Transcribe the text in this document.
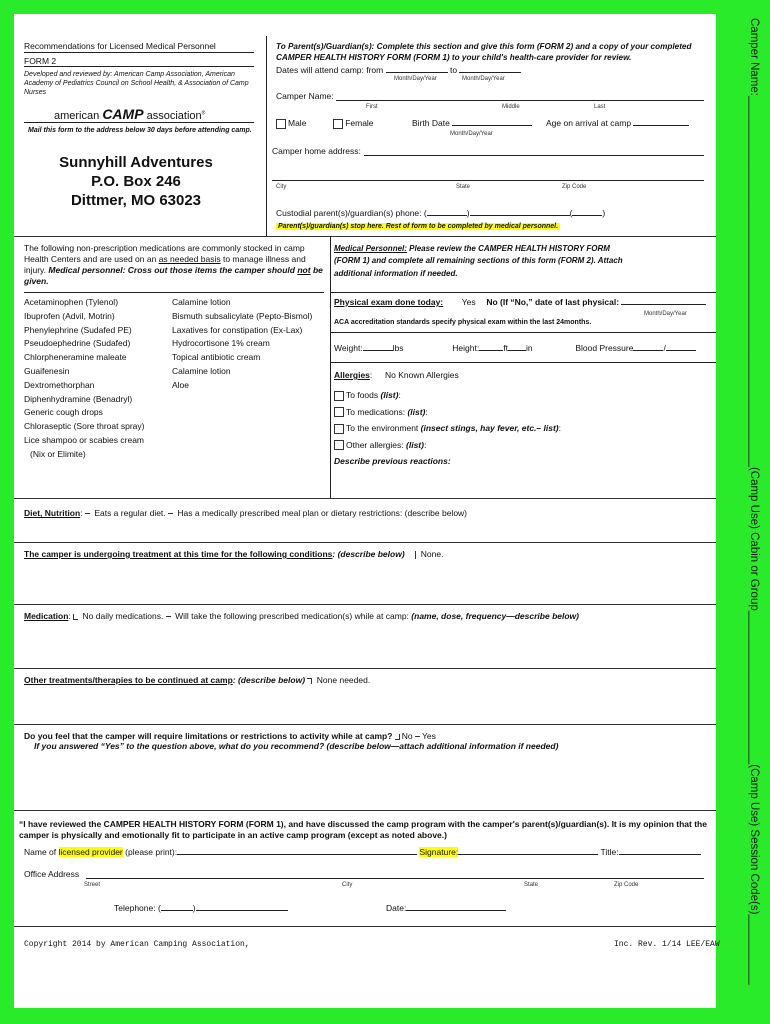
Recommendations for Licensed Medical Personnel
FORM 2
Developed and reviewed by: American Camp Association, American Academy of Pediatrics Council on School Health, & Association of Camp Nurses
american CAMP association®
Mail this form to the address below 30 days before attending camp.
Sunnyhill Adventures
P.O. Box 246
Dittmer, MO 63023
To Parent(s)/Guardian(s): Complete this section and give this form (FORM 2) and a copy of your completed CAMPER HEALTH HISTORY FORM (FORM 1) to your child's health-care provider for review.
Dates will attend camp: from	to
Month/Day/Year	Month/Day/Year
Camper Name:
First	Middle	Last
Male	Female	Birth Date
Month/Day/Year
Age on arrival at camp
Camper home address:
City	State	Zip Code
Custodial parent(s)/guardian(s) phone: (	)	(	)
Parent(s)/guardian(s) stop here. Rest of form to be completed by medical personnel.
The following non-prescription medications are commonly stocked in camp Health Centers and are used on an as needed basis to manage illness and injury. Medical personnel: Cross out those items the camper should not be given.
Acetaminophen (Tylenol)
Ibuprofen (Advil, Motrin)
Phenylephrine (Sudafed PE)
Pseudoephedrine (Sudafed)
Chlorpheneramine maleate
Guaifenesin
Dextromethorphan
Diphenhydramine (Benadryl)
Generic cough drops
Chloraseptic (Sore throat spray)
Lice shampoo or scabies cream
(Nix or Elimite)
Calamine lotion
Bismuth subsalicylate (Pepto-Bismol)
Laxatives for constipation (Ex-Lax)
Hydrocortisone 1% cream
Topical antibiotic cream
Calamine lotion
Aloe
Medical Personnel: Please review the CAMPER HEALTH HISTORY FORM (FORM 1) and complete all remaining sections of this form (FORM 2). Attach additional information if needed.
Physical exam done today: Yes No (If “No,” date of last physical:
Month/Day/Year
ACA accreditation standards specify physical exam within the last 24months.
Weight:	lbs	Height:	ft in	Blood Pressure	/
Allergies: No Known Allergies
To foods (list):
To medications: (list):
To the environment (insect stings, hay fever, etc.– list):
Other allergies: (list):
Describe previous reactions:
Diet, Nutrition:  Eats a regular diet. Has a medically prescribed meal plan or dietary restrictions: (describe below)
The camper is undergoing treatment at this time for the following conditions: (describe below) None.
Medication:  No daily medications. Will take the following prescribed medication(s) while at camp: (name, dose, frequency—describe below)
Other treatments/therapies to be continued at camp: (describe below) None needed.
Do you feel that the camper will require limitations or restrictions to activity while at camp? No Yes
If you answered “Yes” to the question above, what do you recommend? (describe below—attach additional information if needed)
“I have reviewed the CAMPER HEALTH HISTORY FORM (FORM 1), and have discussed the camp program with the camper's parent(s)/guardian(s). It is my opinion that the camper is physically and emotionally fit to participate in an active camp program (except as noted above.)
Name of licensed provider (please print):	Signature:	Title:
Office Address
Street	City	State	Zip Code
Telephone: (	)	Date:
Copyright 2014 by American Camping Association,	Inc. Rev. 1/14 LEE/EAW
Camper Name:__________________________________________________________(Camp Use) Cabin or Group________________________(Camp Use) Session Code(s)___________
